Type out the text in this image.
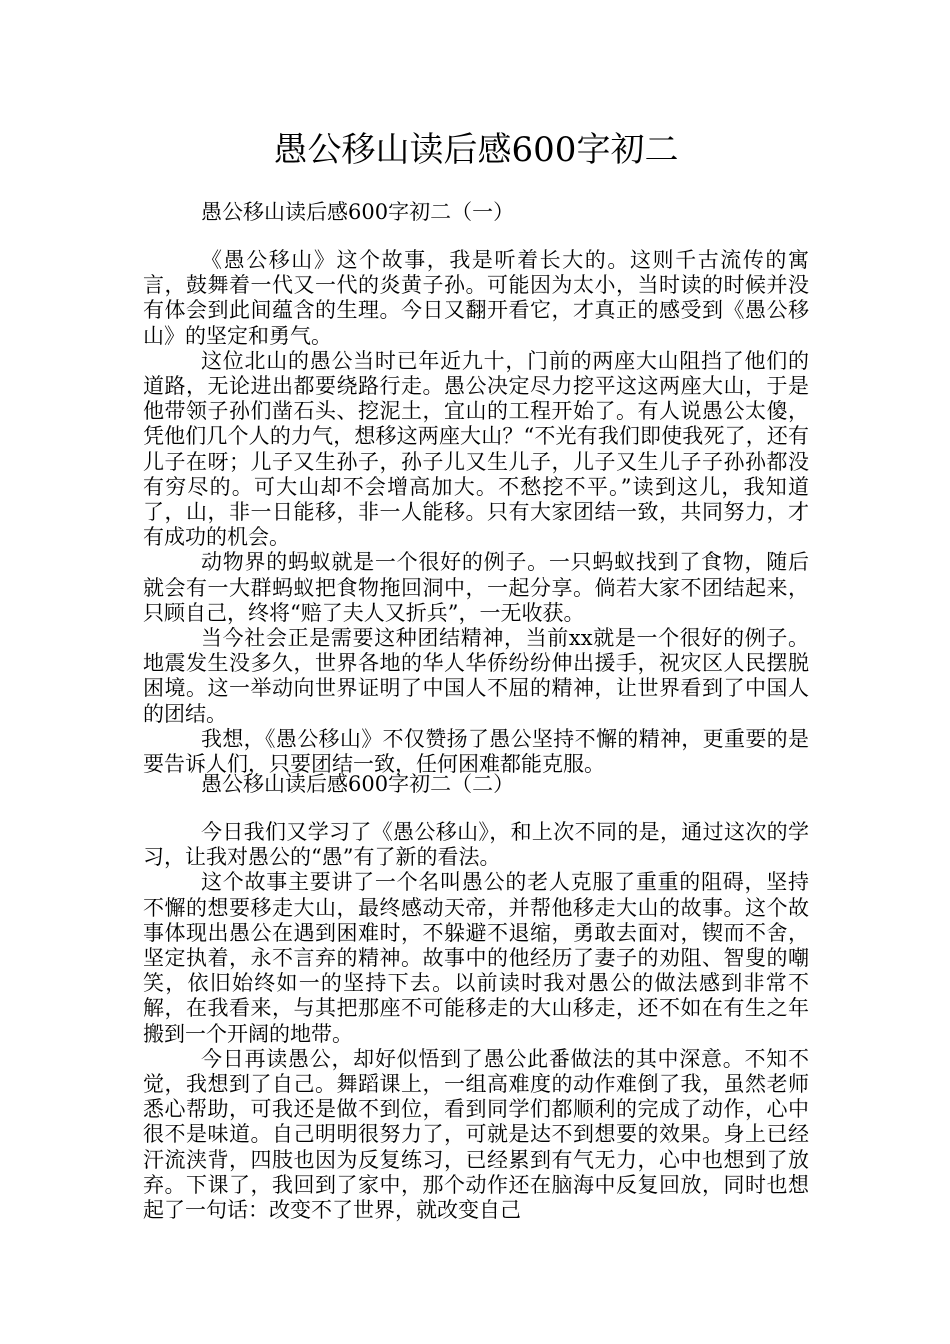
愚公移山读后感600字初二

愚公移山读后感600字初二（一）

《愚公移山》这个故事，我是听着长大的。这则千古流传的寓言，鼓舞着一代又一代的炎黄子孙。可能因为太小，当时读的时候并没有体会到此间蕴含的生理。今日又翻开看它，才真正的感受到《愚公移山》的坚定和勇气。

这位北山的愚公当时已年近九十，门前的两座大山阻挡了他们的道路，无论进出都要绕路行走。愚公决定尽力挖平这这两座大山，于是他带领子孙们凿石头、挖泥土，宜山的工程开始了。有人说愚公太傻，凭他们几个人的力气，想移这两座大山？“不光有我们即使我死了，还有儿子在呀；儿子又生孙子，孙子儿又生儿子，儿子又生儿子子孙孙都没有穷尽的。可大山却不会增高加大。不愁挖不平。”读到这儿，我知道了，山，非一日能移，非一人能移。只有大家团结一致，共同努力，才有成功的机会。

动物界的蚂蚁就是一个很好的例子。一只蚂蚁找到了食物，随后就会有一大群蚂蚁把食物拖回洞中，一起分享。倘若大家不团结起来，只顾自己，终将“赔了夫人又折兵”，一无收获。

当今社会正是需要这种团结精神，当前xx就是一个很好的例子。地震发生没多久，世界各地的华人华侨纷纷伸出援手，祝灾区人民摆脱困境。这一举动向世界证明了中国人不屈的精神，让世界看到了中国人的团结。

我想，《愚公移山》不仅赞扬了愚公坚持不懈的精神，更重要的是要告诉人们，只要团结一致，任何困难都能克服。

愚公移山读后感600字初二（二）

今日我们又学习了《愚公移山》，和上次不同的是，通过这次的学习，让我对愚公的“愚”有了新的看法。

这个故事主要讲了一个名叫愚公的老人克服了重重的阻碍，坚持不懈的想要移走大山，最终感动天帝，并帮他移走大山的故事。这个故事体现出愚公在遇到困难时，不躲避不退缩，勇敢去面对，锲而不舍，坚定执着，永不言弃的精神。故事中的他经历了妻子的劝阻、智叟的嘲笑，依旧始终如一的坚持下去。以前读时我对愚公的做法感到非常不解，在我看来，与其把那座不可能移走的大山移走，还不如在有生之年搬到一个开阔的地带。

今日再读愚公，却好似悟到了愚公此番做法的其中深意。不知不觉，我想到了自己。舞蹈课上，一组高难度的动作难倒了我，虽然老师悉心帮助，可我还是做不到位，看到同学们都顺利的完成了动作，心中很不是味道。自己明明很努力了，可就是达不到想要的效果。身上已经汗流浃背，四肢也因为反复练习，已经累到有气无力，心中也想到了放弃。下课了，我回到了家中，那个动作还在脑海中反复回放，同时也想起了一句话：改变不了世界，就改变自己
